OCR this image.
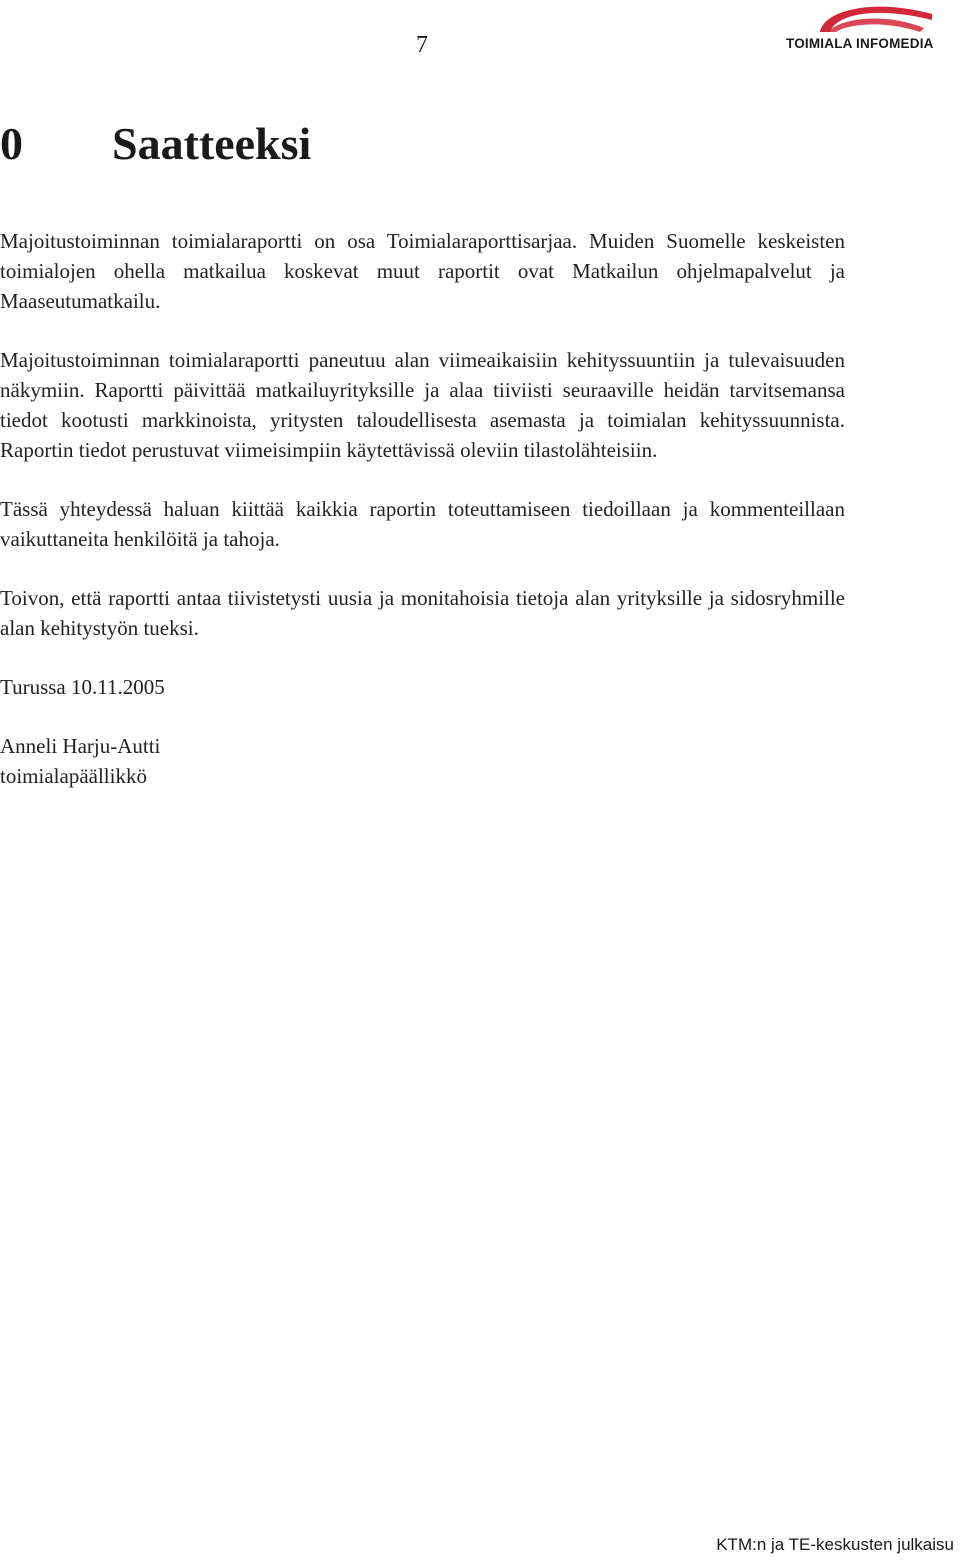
7	TOIMIALA INFOMEDIA
0 Saatteeksi

Majoitustoiminnan toimialaraportti on osa Toimialaraporttisarjaa. Muiden Suomelle keskeisten toimialojen ohella matkailua koskevat muut raportit ovat Matkailun ohjelmapalvelut ja Maaseutumatkailu.

Majoitustoiminnan toimialaraportti paneutuu alan viimeaikaisiin kehityssuuntiin ja tulevaisuuden näkymiin. Raportti päivittää matkailuyrityksille ja alaa tiiviisti seuraaville heidän tarvitsemansa tiedot kootusti markkinoista, yritysten taloudellisesta asemasta ja toimialan kehityssuunnista. Raportin tiedot perustuvat viimeisimpiin käytettävissä oleviin tilastolähteisiin.

Tässä yhteydessä haluan kiittää kaikkia raportin toteuttamiseen tiedoillaan ja kommenteillaan vaikuttaneita henkilöitä ja tahoja.

Toivon, että raportti antaa tiivistetysti uusia ja monitahoisia tietoja alan yrityksille ja sidosryhmille alan kehitystyön tueksi.

Turussa 10.11.2005

Anneli Harju-Autti

toimialapäällikkö

KTM:n ja TE-keskusten julkaisu
